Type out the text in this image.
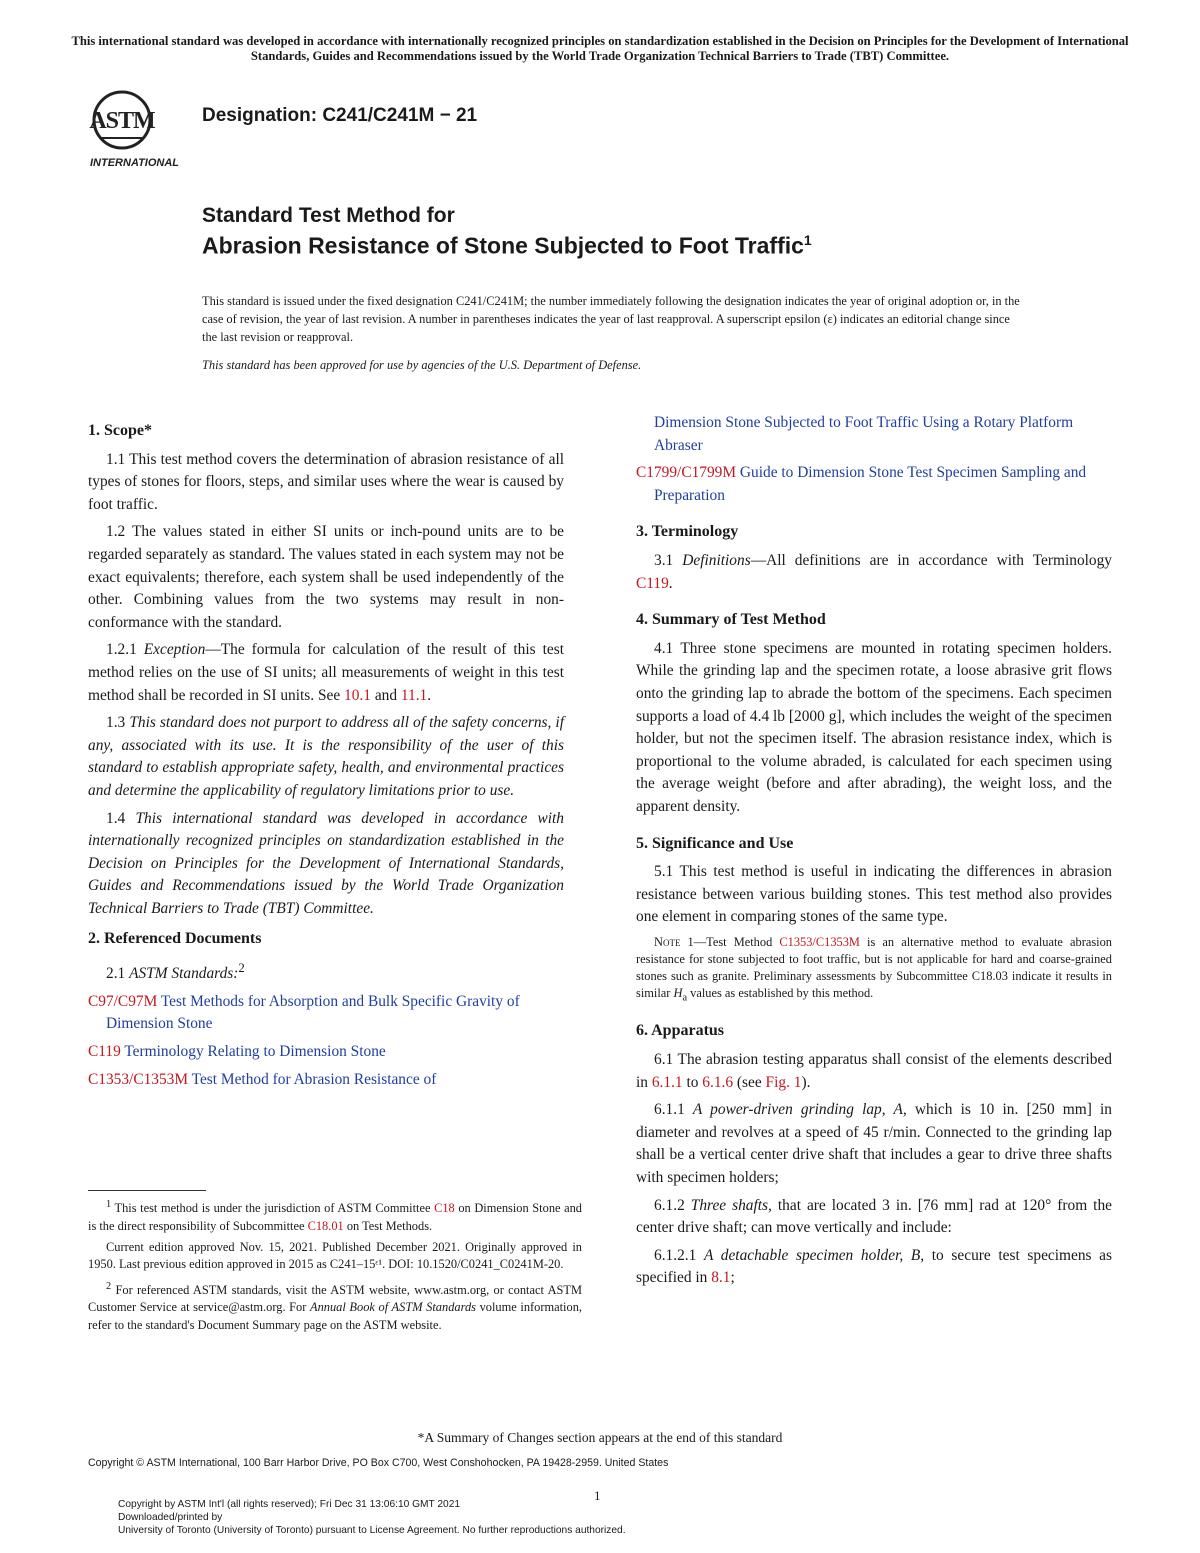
This international standard was developed in accordance with internationally recognized principles on standardization established in the Decision on Principles for the Development of International Standards, Guides and Recommendations issued by the World Trade Organization Technical Barriers to Trade (TBT) Committee.
ASTM
INTERNATIONAL
Designation: C241/C241M − 21
Standard Test Method for
Abrasion Resistance of Stone Subjected to Foot Traffic$^1$
This standard is issued under the fixed designation C241/C241M; the number immediately following the designation indicates the year of original adoption or, in the case of revision, the year of last revision. A number in parentheses indicates the year of last reapproval. A superscript epsilon (ε) indicates an editorial change since the last revision or reapproval.
This standard has been approved for use by agencies of the U.S. Department of Defense.
1. Scope*

1.1 This test method covers the determination of abrasion resistance of all types of stones for floors, steps, and similar uses where the wear is caused by foot traffic.

1.2 The values stated in either SI units or inch-pound units are to be regarded separately as standard. The values stated in each system may not be exact equivalents; therefore, each system shall be used independently of the other. Combining values from the two systems may result in non-conformance with the standard.

1.2.1 Exception—The formula for calculation of the result of this test method relies on the use of SI units; all measurements of weight in this test method shall be recorded in SI units. See 10.1 and 11.1.

1.3 This standard does not purport to address all of the safety concerns, if any, associated with its use. It is the responsibility of the user of this standard to establish appropriate safety, health, and environmental practices and determine the applicability of regulatory limitations prior to use.

1.4 This international standard was developed in accordance with internationally recognized principles on standardization established in the Decision on Principles for the Development of International Standards, Guides and Recommendations issued by the World Trade Organization Technical Barriers to Trade (TBT) Committee.

2. Referenced Documents

2.1 ASTM Standards:$^2$

C97/C97M Test Methods for Absorption and Bulk Specific Gravity of Dimension Stone

C119 Terminology Relating to Dimension Stone

C1353/C1353M Test Method for Abrasion Resistance of

$^1$ This test method is under the jurisdiction of ASTM Committee C18 on Dimension Stone and is the direct responsibility of Subcommittee C18.01 on Test Methods.

Current edition approved Nov. 15, 2021. Published December 2021. Originally approved in 1950. Last previous edition approved in 2015 as C241–15ᵋ¹. DOI: 10.1520/C0241_C0241M-20.

$^2$ For referenced ASTM standards, visit the ASTM website, www.astm.org, or contact ASTM Customer Service at service@astm.org. For Annual Book of ASTM Standards volume information, refer to the standard's Document Summary page on the ASTM website.

Dimension Stone Subjected to Foot Traffic Using a Rotary Platform Abraser

C1799/C1799M Guide to Dimension Stone Test Specimen Sampling and Preparation

3. Terminology

3.1 Definitions—All definitions are in accordance with Terminology C119.

4. Summary of Test Method

4.1 Three stone specimens are mounted in rotating specimen holders. While the grinding lap and the specimen rotate, a loose abrasive grit flows onto the grinding lap to abrade the bottom of the specimens. Each specimen supports a load of 4.4 lb [2000 g], which includes the weight of the specimen holder, but not the specimen itself. The abrasion resistance index, which is proportional to the volume abraded, is calculated for each specimen using the average weight (before and after abrading), the weight loss, and the apparent density.

5. Significance and Use

5.1 This test method is useful in indicating the differences in abrasion resistance between various building stones. This test method also provides one element in comparing stones of the same type.

Note 1—Test Method C1353/C1353M is an alternative method to evaluate abrasion resistance for stone subjected to foot traffic, but is not applicable for hard and coarse-grained stones such as granite. Preliminary assessments by Subcommittee C18.03 indicate it results in similar $H_a$ values as established by this method.

6. Apparatus

6.1 The abrasion testing apparatus shall consist of the elements described in 6.1.1 to 6.1.6 (see Fig. 1).

6.1.1 A power-driven grinding lap, A, which is 10 in. [250 mm] in diameter and revolves at a speed of 45 r/min. Connected to the grinding lap shall be a vertical center drive shaft that includes a gear to drive three shafts with specimen holders;

6.1.2 Three shafts, that are located 3 in. [76 mm] rad at 120° from the center drive shaft; can move vertically and include:

6.1.2.1 A detachable specimen holder, B, to secure test specimens as specified in 8.1;

*A Summary of Changes section appears at the end of this standard
Copyright © ASTM International, 100 Barr Harbor Drive, PO Box C700, West Conshohocken, PA 19428-2959. United States
1
Copyright by ASTM Int'l (all rights reserved); Fri Dec 31 13:06:10 GMT 2021
Downloaded/printed by
University of Toronto (University of Toronto) pursuant to License Agreement. No further reproductions authorized.
